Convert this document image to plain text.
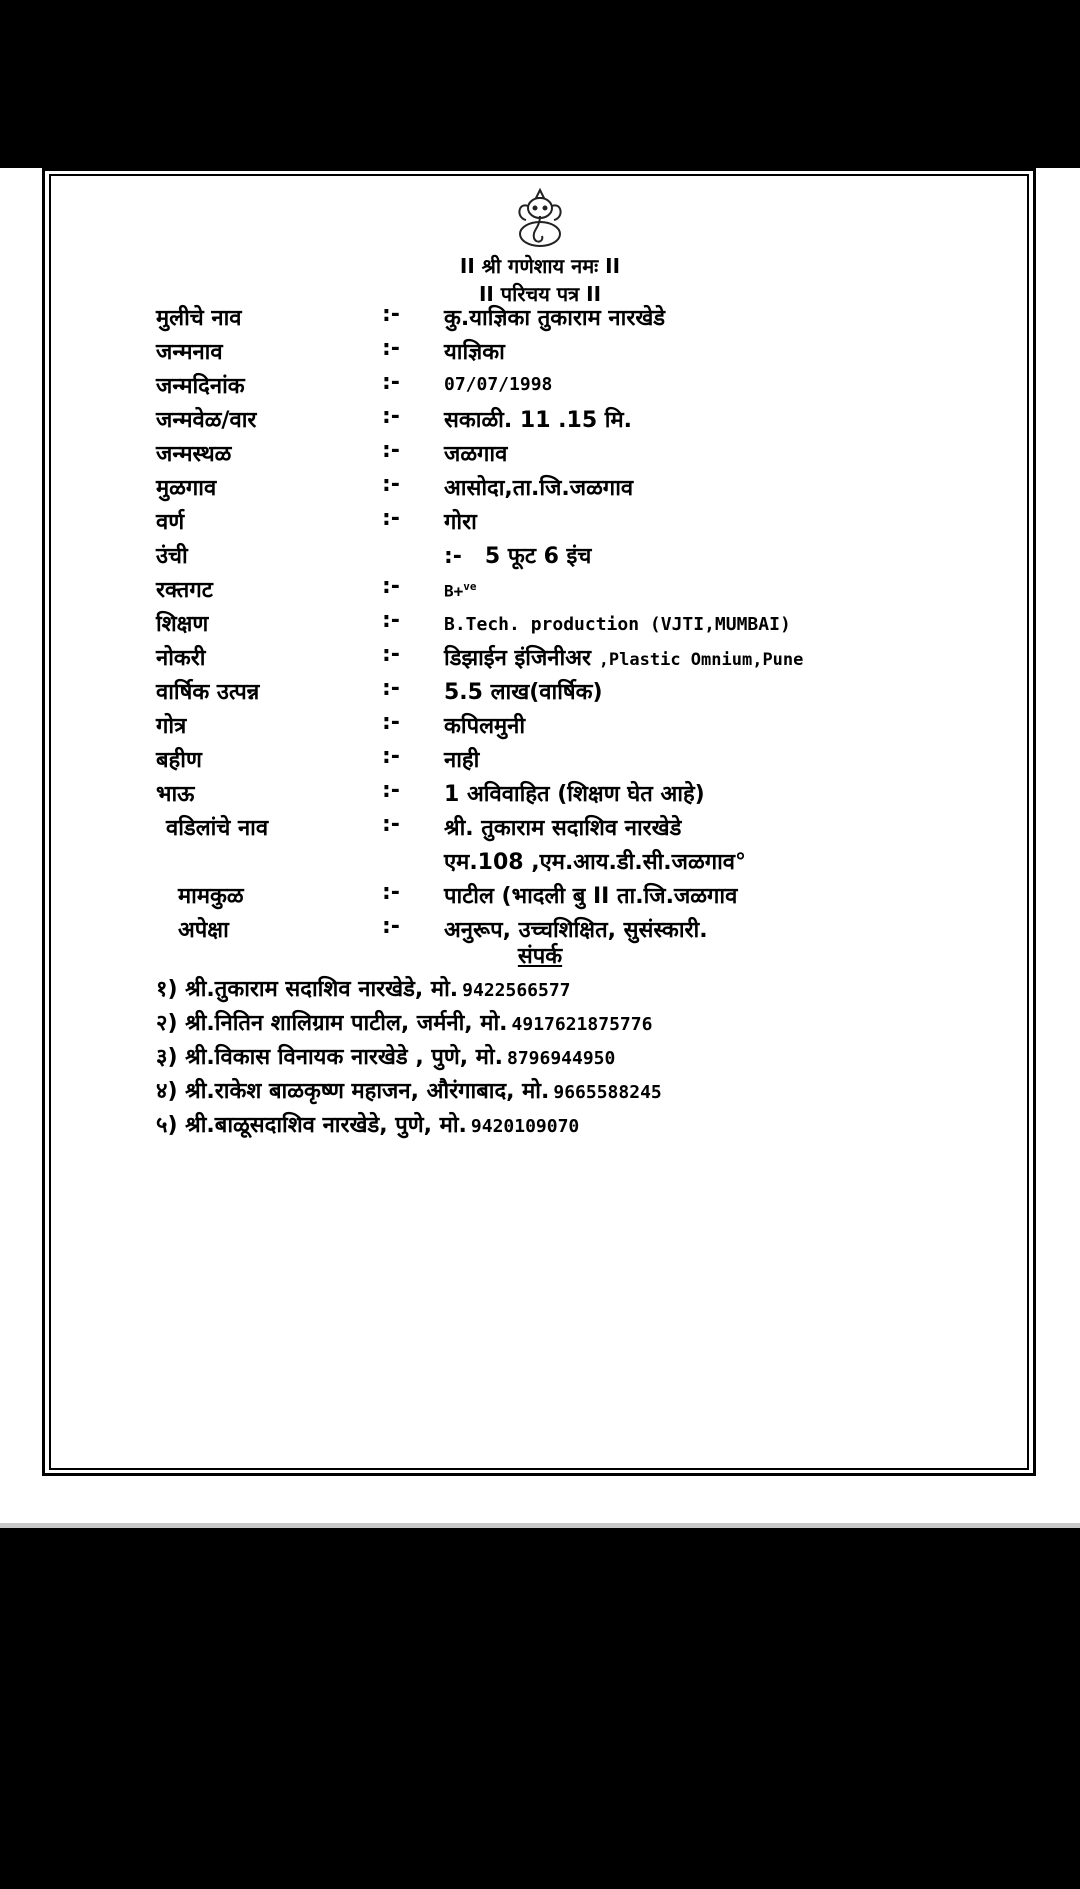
II श्री गणेशाय नमः II
II परिचय पत्र II
मुलीचे नाव	:- कु.याज्ञिका तुकाराम नारखेडे
जन्मनाव	:- याज्ञिका
जन्मदिनांक	:- 07/07/1998
जन्मवेळ/वार	:- सकाळी. 11 .15 मि.
जन्मस्थळ	:- जळगाव
मुळगाव	:- आसोदा,ता.जि.जळगाव
वर्ण	:- गोरा
उंची	:-   5 फूट 6 इंच
रक्तगट	:-	B+$^{ve}$
शिक्षण	:- B.Tech. production (VJTI,MUMBAI)
नोकरी	:- डिझाईन इंजिनीअर ,Plastic Omnium,Pune
वार्षिक उत्पन्न	:- 5.5 लाख(वार्षिक)
गोत्र	:- कपिलमुनी
बहीण	:- नाही
भाऊ	:- 1 अविवाहित (शिक्षण घेत आहे)
वडिलांचे नाव	:- श्री. तुकाराम सदाशिव नारखेडे
एम.108 ,एम.आय.डी.सी.जळगाव°
मामकुळ	:- पाटील (भादली बु II ता.जि.जळगाव
अपेक्षा	:- अनुरूप, उच्चशिक्षित, सुसंस्कारी.
संपर्क
१) श्री.तुकाराम सदाशिव नारखेडे, मो. 9422566577
२) श्री.नितिन शालिग्राम पाटील, जर्मनी, मो. 4917621875776
३) श्री.विकास विनायक नारखेडे , पुणे, मो. 8796944950
४) श्री.राकेश बाळकृष्ण महाजन, औरंगाबाद, मो. 9665588245
५) श्री.बाळूसदाशिव नारखेडे, पुणे, मो. 9420109070
